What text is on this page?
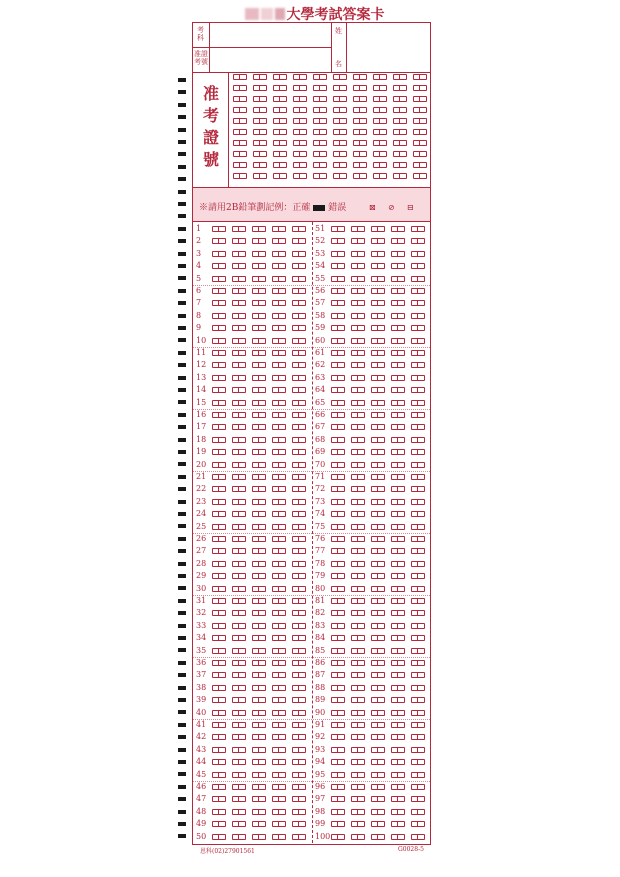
大學考試答案卡
考 科
准證 考號
姓
名
准考證號
※請用2B鉛筆劃記例：正確 錯誤	⊠ ⊘ ⊟
1	51
2	52
3	53
4	54
5	55
6	56
7	57
8	58
9	59
10	60
11	61
12	62
13	63
14	64
15	65
16	66
17	67
18	68
19	69
20	70
21	71
22	72
23	73
24	74
25	75
26	76
27	77
28	78
29	79
30	80
31	81
32	82
33	83
34	84
35	85
36	86
37	87
38	88
39	89
40	90
41	91
42	92
43	93
44	94
45	95
46	96
47	97
48	98
49	99
50	100
恩科(02)27901561	G0028-5
